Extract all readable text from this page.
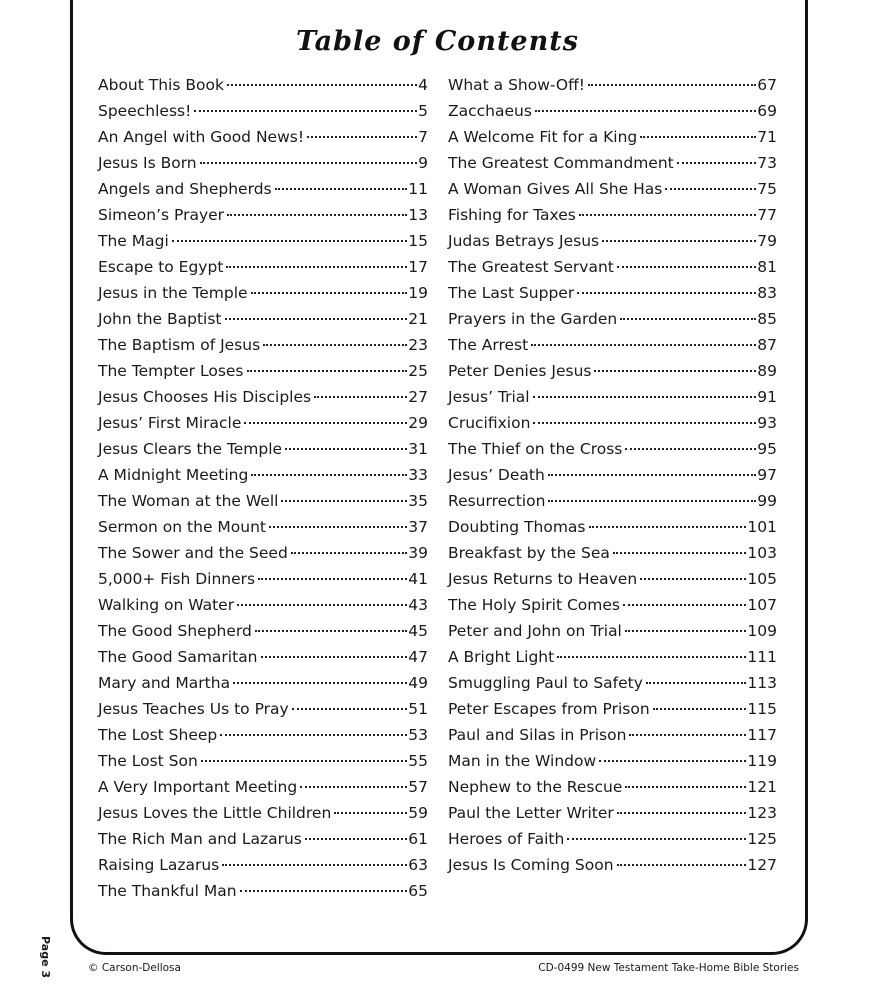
Table of Contents
About This Book	4
Speechless!	5
An Angel with Good News!	7
Jesus Is Born	9
Angels and Shepherds	11
Simeon’s Prayer	13
The Magi	15
Escape to Egypt	17
Jesus in the Temple	19
John the Baptist	21
The Baptism of Jesus	23
The Tempter Loses	25
Jesus Chooses His Disciples	27
Jesus’ First Miracle	29
Jesus Clears the Temple	31
A Midnight Meeting	33
The Woman at the Well	35
Sermon on the Mount	37
The Sower and the Seed	39
5,000+ Fish Dinners	41
Walking on Water	43
The Good Shepherd	45
The Good Samaritan	47
Mary and Martha	49
Jesus Teaches Us to Pray	51
The Lost Sheep	53
The Lost Son	55
A Very Important Meeting	57
Jesus Loves the Little Children	59
The Rich Man and Lazarus	61
Raising Lazarus	63
The Thankful Man	65
What a Show-Off!	67
Zacchaeus	69
A Welcome Fit for a King	71
The Greatest Commandment	73
A Woman Gives All She Has	75
Fishing for Taxes	77
Judas Betrays Jesus	79
The Greatest Servant	81
The Last Supper	83
Prayers in the Garden	85
The Arrest	87
Peter Denies Jesus	89
Jesus’ Trial	91
Crucifixion	93
The Thief on the Cross	95
Jesus’ Death	97
Resurrection	99
Doubting Thomas	101
Breakfast by the Sea	103
Jesus Returns to Heaven	105
The Holy Spirit Comes	107
Peter and John on Trial	109
A Bright Light	111
Smuggling Paul to Safety	113
Peter Escapes from Prison	115
Paul and Silas in Prison	117
Man in the Window	119
Nephew to the Rescue	121
Paul the Letter Writer	123
Heroes of Faith	125
Jesus Is Coming Soon	127
Page 3	© Carson-Dellosa	CD-0499 New Testament Take-Home Bible Stories
